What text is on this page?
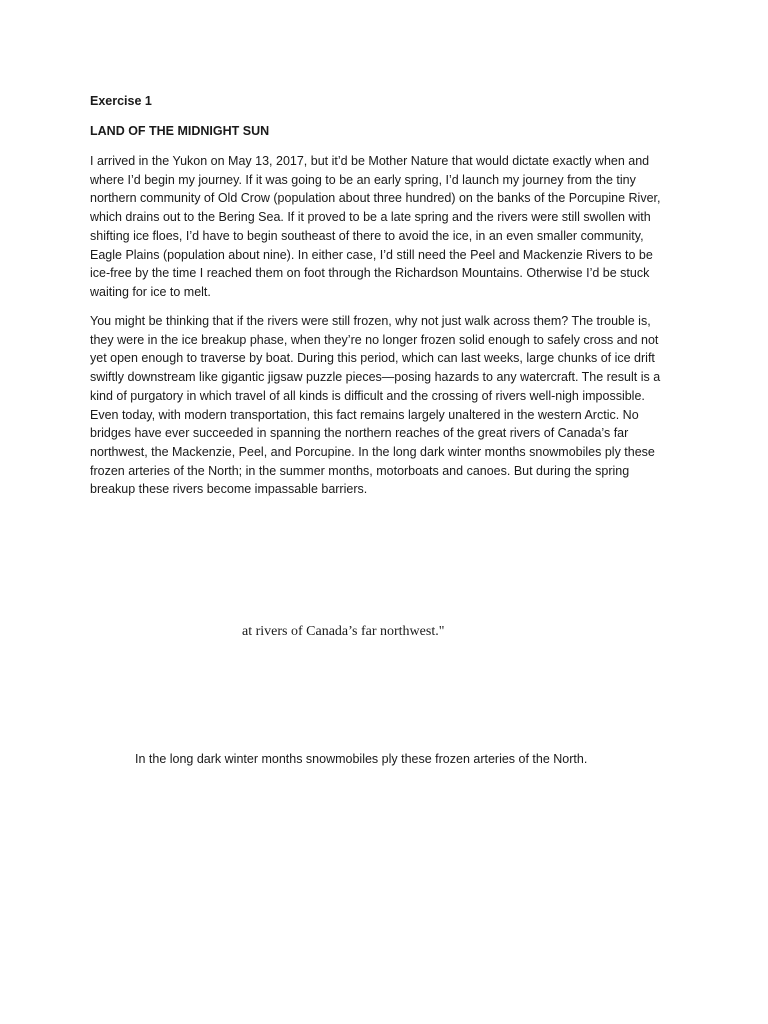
Exercise 1

LAND OF THE MIDNIGHT SUN

I arrived in the Yukon on May 13, 2017, but it’d be Mother Nature that would dictate exactly when and where I’d begin my journey. If it was going to be an early spring, I’d launch my journey from the tiny northern community of Old Crow (population about three hundred) on the banks of the Porcupine River, which drains out to the Bering Sea. If it proved to be a late spring and the rivers were still swollen with shifting ice floes, I’d have to begin southeast of there to avoid the ice, in an even smaller community, Eagle Plains (population about nine). In either case, I’d still need the Peel and Mackenzie Rivers to be ice-free by the time I reached them on foot through the Richardson Mountains. Otherwise I’d be stuck waiting for ice to melt.

You might be thinking that if the rivers were still frozen, why not just walk across them? The trouble is, they were in the ice breakup phase, when they’re no longer frozen solid enough to safely cross and not yet open enough to traverse by boat. During this period, which can last weeks, large chunks of ice drift swiftly downstream like gigantic jigsaw puzzle pieces—posing hazards to any watercraft. The result is a kind of purgatory in which travel of all kinds is difficult and the crossing of rivers well-nigh impossible. Even today, with modern transportation, this fact remains largely unaltered in the western Arctic. No bridges have ever succeeded in spanning the northern reaches of the great rivers of Canada’s far northwest, the Mackenzie, Peel, and Porcupine. In the long dark winter months snowmobiles ply these frozen arteries of the North; in the summer months, motorboats and canoes. But during the spring breakup these rivers become impassable barriers.

at rivers of Canada’s far northwest."

In the long dark winter months snowmobiles ply these frozen arteries of the North.
